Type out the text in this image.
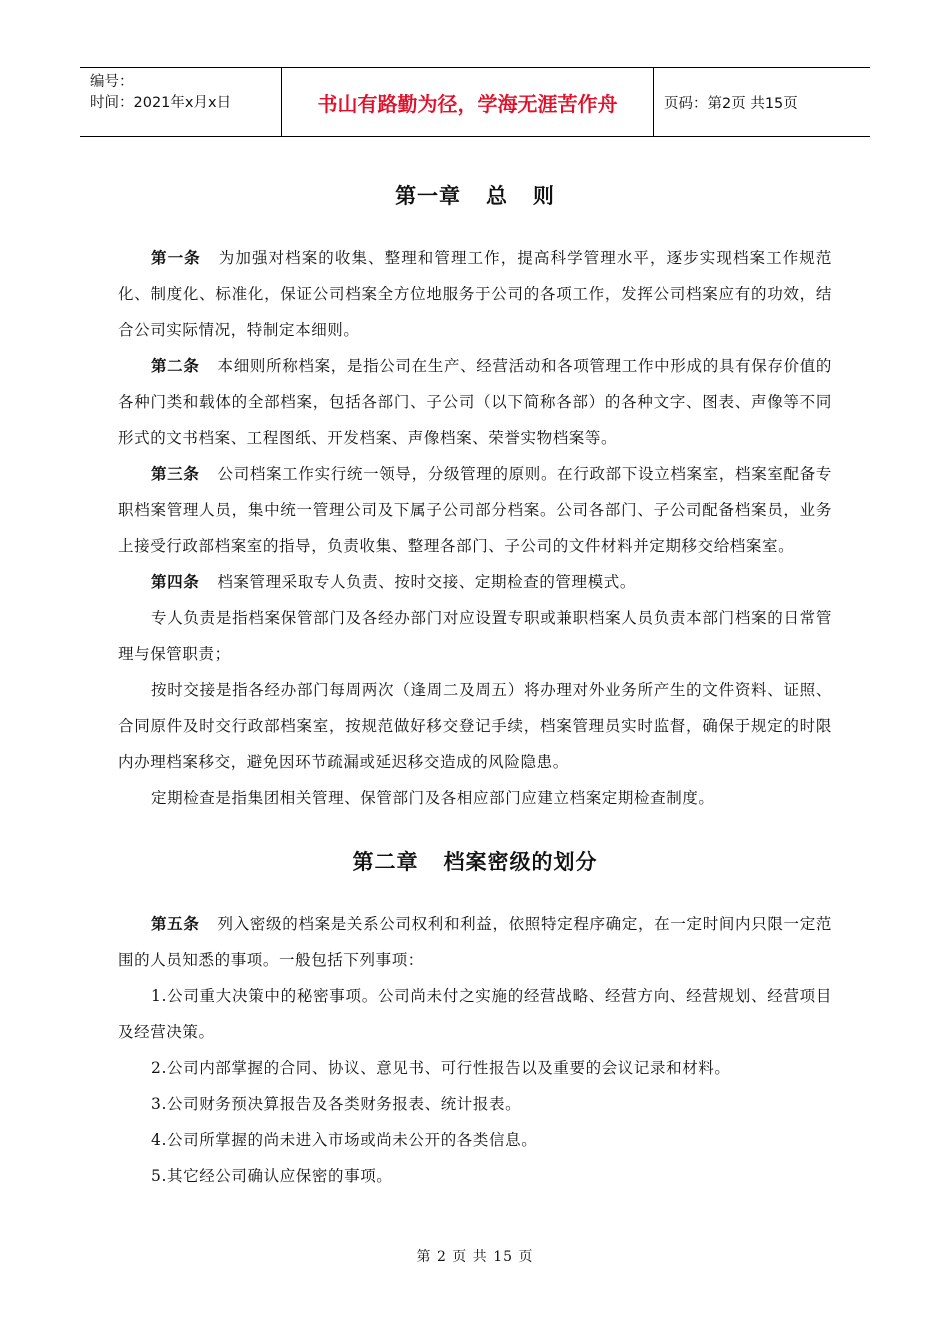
编号：
时间：2021年x月x日	书山有路勤为径，学海无涯苦作舟	页码：第2页 共15页
第一章   总   则

第一条 为加强对档案的收集、整理和管理工作，提高科学管理水平，逐步实现档案工作规范化、制度化、标准化，保证公司档案全方位地服务于公司的各项工作，发挥公司档案应有的功效，结合公司实际情况，特制定本细则。

第二条 本细则所称档案，是指公司在生产、经营活动和各项管理工作中形成的具有保存价值的各种门类和载体的全部档案，包括各部门、子公司（以下简称各部）的各种文字、图表、声像等不同形式的文书档案、工程图纸、开发档案、声像档案、荣誉实物档案等。

第三条 公司档案工作实行统一领导，分级管理的原则。在行政部下设立档案室，档案室配备专职档案管理人员，集中统一管理公司及下属子公司部分档案。公司各部门、子公司配备档案员，业务上接受行政部档案室的指导，负责收集、整理各部门、子公司的文件材料并定期移交给档案室。

第四条 档案管理采取专人负责、按时交接、定期检查的管理模式。

专人负责是指档案保管部门及各经办部门对应设置专职或兼职档案人员负责本部门档案的日常管理与保管职责；

按时交接是指各经办部门每周两次（逢周二及周五）将办理对外业务所产生的文件资料、证照、合同原件及时交行政部档案室，按规范做好移交登记手续，档案管理员实时监督，确保于规定的时限内办理档案移交，避免因环节疏漏或延迟移交造成的风险隐患。

定期检查是指集团相关管理、保管部门及各相应部门应建立档案定期检查制度。

第二章   档案密级的划分

第五条 列入密级的档案是关系公司权利和利益，依照特定程序确定，在一定时间内只限一定范围的人员知悉的事项。一般包括下列事项：

1.公司重大决策中的秘密事项。公司尚未付之实施的经营战略、经营方向、经营规划、经营项目及经营决策。

2.公司内部掌握的合同、协议、意见书、可行性报告以及重要的会议记录和材料。

3.公司财务预决算报告及各类财务报表、统计报表。

4.公司所掌握的尚未进入市场或尚未公开的各类信息。

5.其它经公司确认应保密的事项。

第 2 页 共 15 页
